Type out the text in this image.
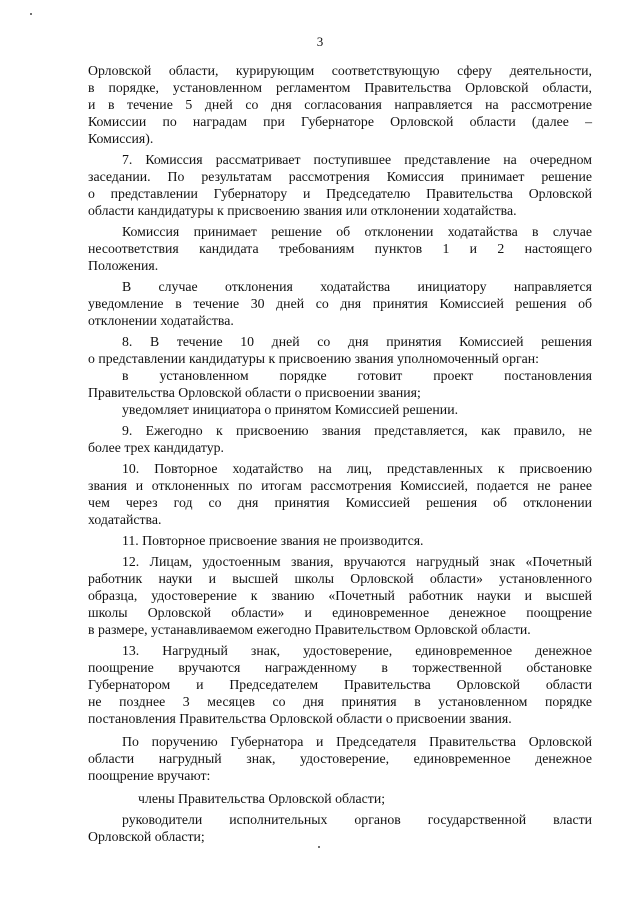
3
Орловской области, курирующим соответствующую сферу деятельности,
в порядке, установленном регламентом Правительства Орловской области,
и в течение 5 дней со дня согласования направляется на рассмотрение
Комиссии по наградам при Губернаторе Орловской области (далее –
Комиссия).
7. Комиссия рассматривает поступившее представление на очередном
заседании. По результатам рассмотрения Комиссия принимает решение
о представлении Губернатору и Председателю Правительства Орловской
области кандидатуры к присвоению звания или отклонении ходатайства.
Комиссия принимает решение об отклонении ходатайства в случае
несоответствия кандидата требованиям пунктов 1 и 2 настоящего
Положения.
В случае отклонения ходатайства инициатору направляется
уведомление в течение 30 дней со дня принятия Комиссией решения об
отклонении ходатайства.
8. В течение 10 дней со дня принятия Комиссией решения
о представлении кандидатуры к присвоению звания уполномоченный орган:
в установленном порядке готовит проект постановления
Правительства Орловской области о присвоении звания;
уведомляет инициатора о принятом Комиссией решении.
9. Ежегодно к присвоению звания представляется, как правило, не
более трех кандидатур.
10. Повторное ходатайство на лиц, представленных к присвоению
звания и отклоненных по итогам рассмотрения Комиссией, подается не ранее
чем через год со дня принятия Комиссией решения об отклонении
ходатайства.
11. Повторное присвоение звания не производится.
12. Лицам, удостоенным звания, вручаются нагрудный знак «Почетный
работник науки и высшей школы Орловской области» установленного
образца, удостоверение к званию «Почетный работник науки и высшей
школы Орловской области» и единовременное денежное поощрение
в размере, устанавливаемом ежегодно Правительством Орловской области.
13. Нагрудный знак, удостоверение, единовременное денежное
поощрение вручаются награжденному в торжественной обстановке
Губернатором и Председателем Правительства Орловской области
не позднее 3 месяцев со дня принятия в установленном порядке
постановления Правительства Орловской области о присвоении звания.
По поручению Губернатора и Председателя Правительства Орловской
области нагрудный знак, удостоверение, единовременное денежное
поощрение вручают:
члены Правительства Орловской области;
руководители исполнительных органов государственной власти
Орловской области;
